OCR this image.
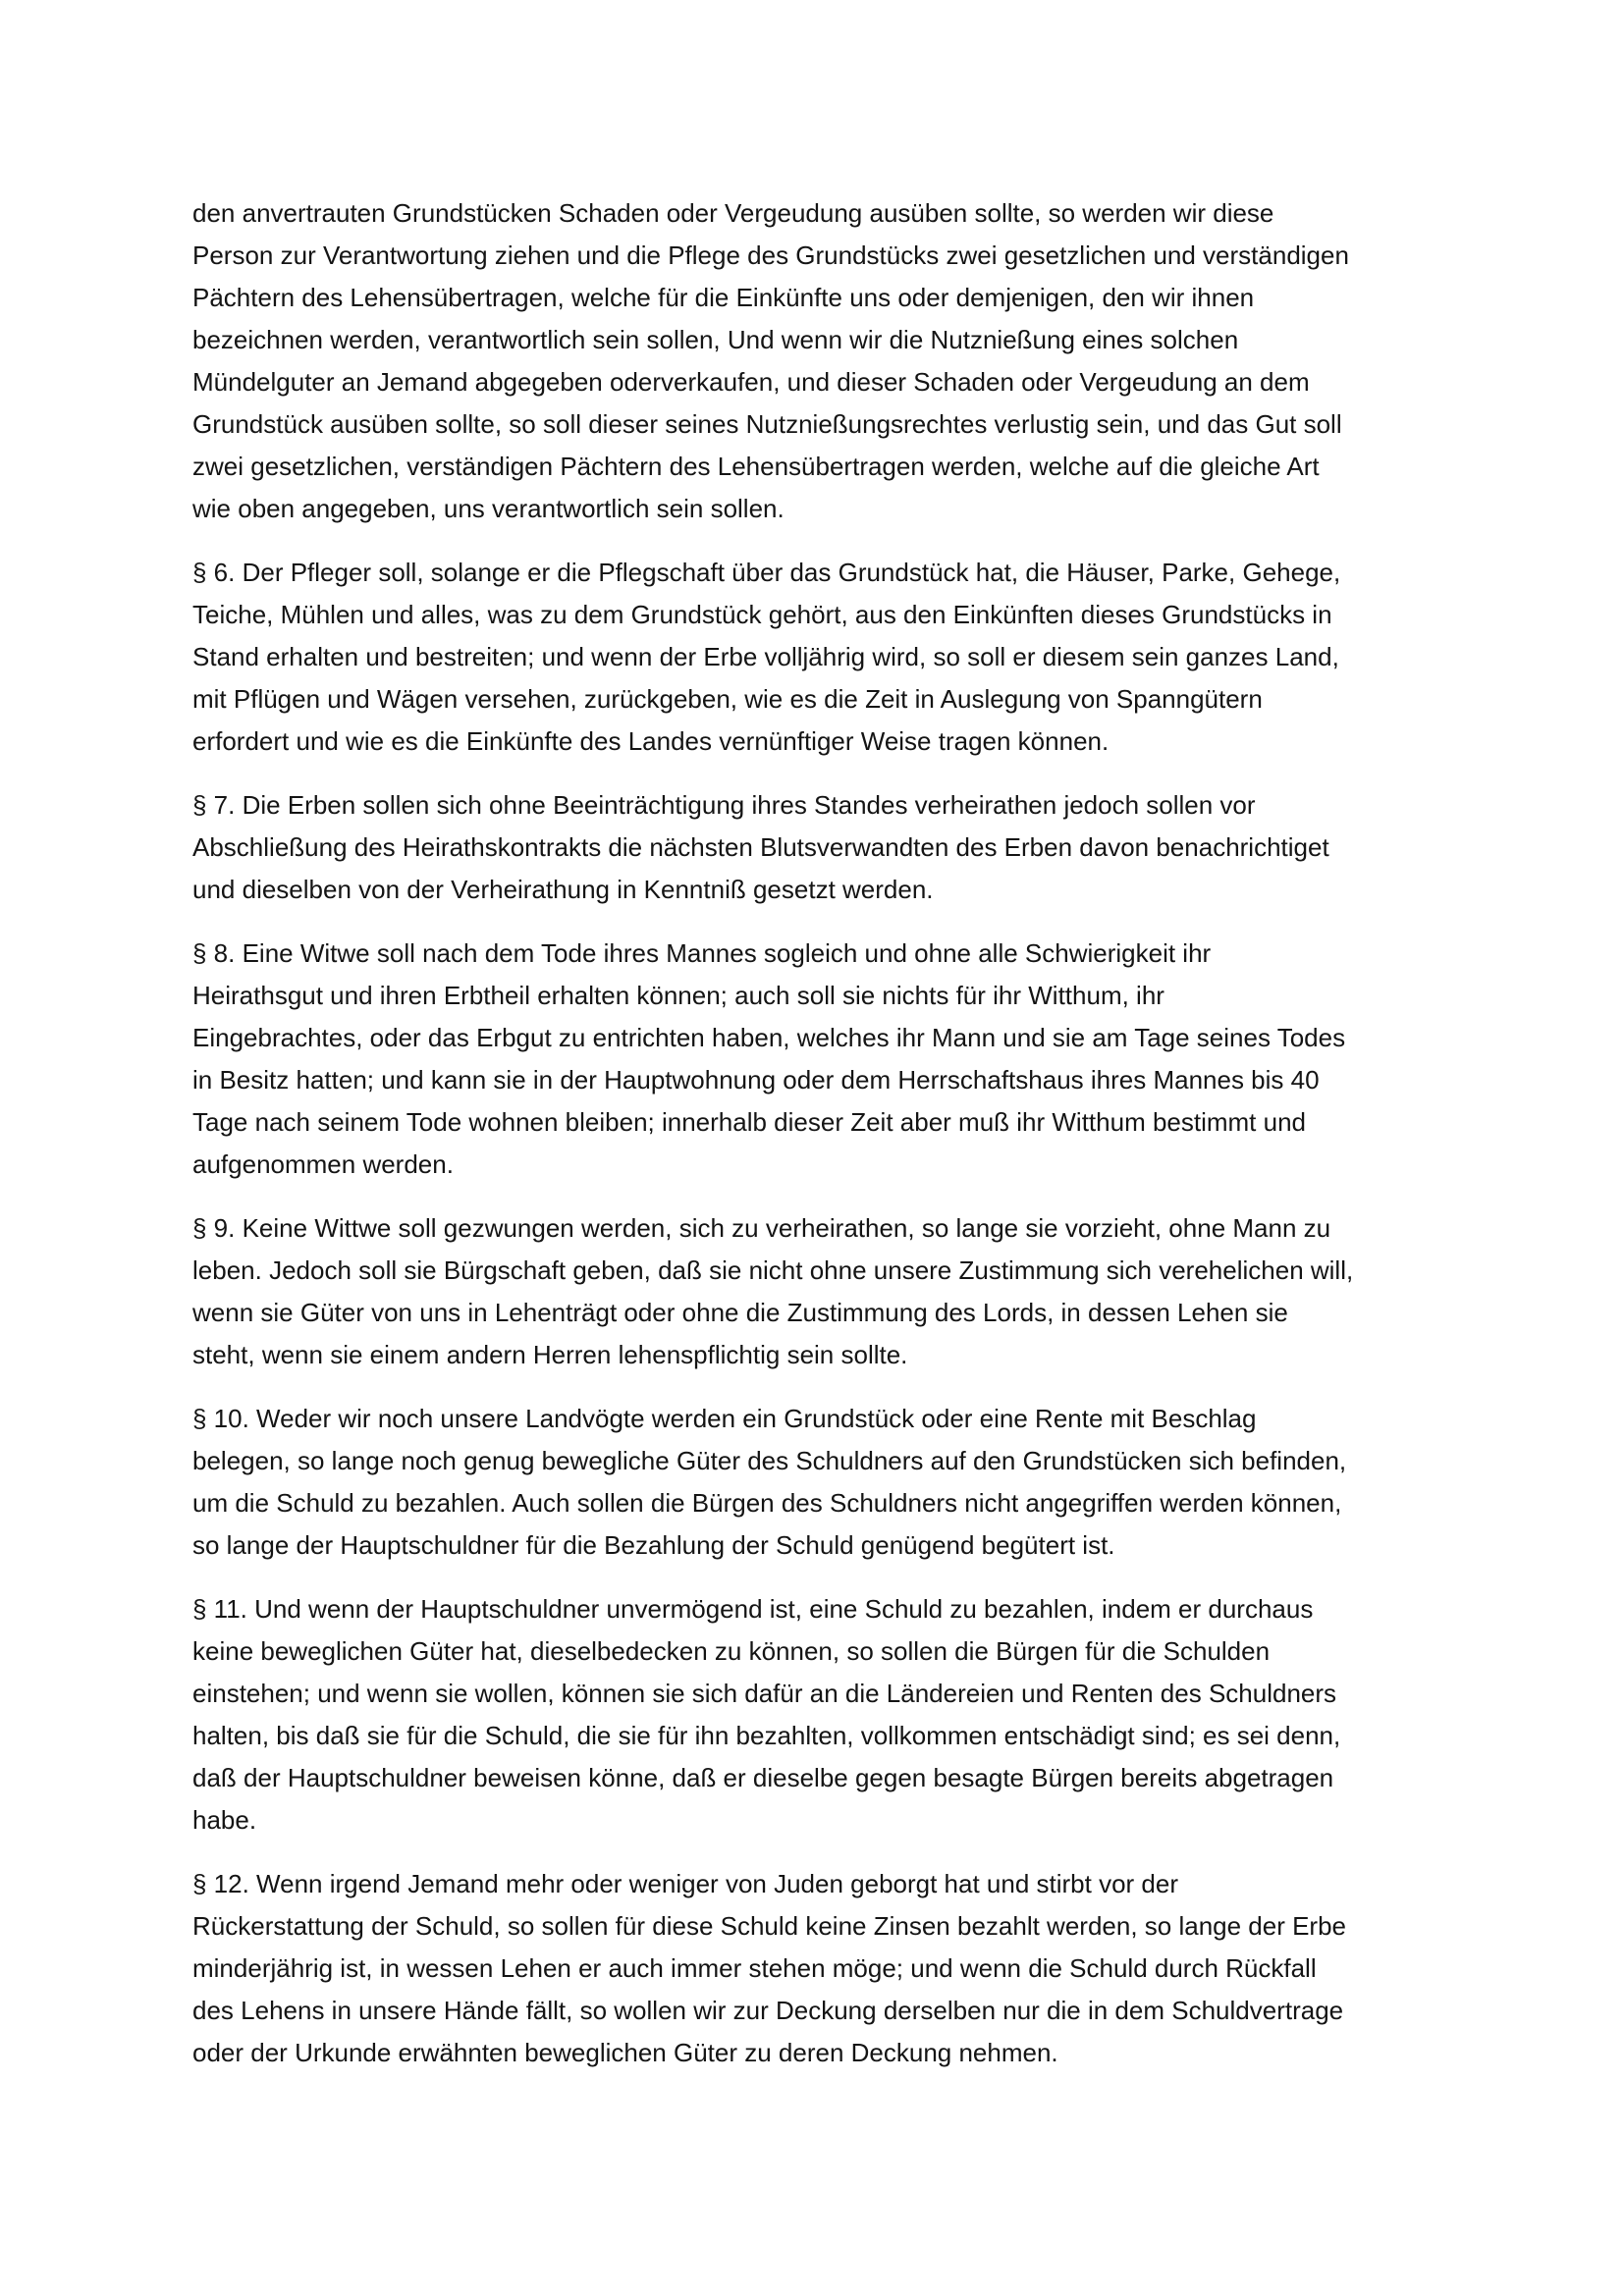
den anvertrauten Grundstücken Schaden oder Vergeudung ausüben sollte, so werden wir diese
Person zur Verantwortung ziehen und die Pflege des Grundstücks zwei gesetzlichen und verständigen
Pächtern des Lehensübertragen, welche für die Einkünfte uns oder demjenigen, den wir ihnen
bezeichnen werden, verantwortlich sein sollen, Und wenn wir die Nutznießung eines solchen
Mündelguter an Jemand abgegeben oderverkaufen, und dieser Schaden oder Vergeudung an dem
Grundstück ausüben sollte, so soll dieser seines Nutznießungsrechtes verlustig sein, und das Gut soll
zwei gesetzlichen, verständigen Pächtern des Lehensübertragen werden, welche auf die gleiche Art
wie oben angegeben, uns verantwortlich sein sollen.
§ 6. Der Pfleger soll, solange er die Pflegschaft über das Grundstück hat, die Häuser, Parke, Gehege,
Teiche, Mühlen und alles, was zu dem Grundstück gehört, aus den Einkünften dieses Grundstücks in
Stand erhalten und bestreiten; und wenn der Erbe volljährig wird, so soll er diesem sein ganzes Land,
mit Pflügen und Wägen versehen, zurückgeben, wie es die Zeit in Auslegung von Spanngütern
erfordert und wie es die Einkünfte des Landes vernünftiger Weise tragen können.
§ 7. Die Erben sollen sich ohne Beeinträchtigung ihres Standes verheirathen jedoch sollen vor
Abschließung des Heirathskontrakts die nächsten Blutsverwandten des Erben davon benachrichtiget
und dieselben von der Verheirathung in Kenntniß gesetzt werden.
§ 8. Eine Witwe soll nach dem Tode ihres Mannes sogleich und ohne alle Schwierigkeit ihr
Heirathsgut und ihren Erbtheil erhalten können; auch soll sie nichts für ihr Witthum, ihr
Eingebrachtes, oder das Erbgut zu entrichten haben, welches ihr Mann und sie am Tage seines Todes
in Besitz hatten; und kann sie in der Hauptwohnung oder dem Herrschaftshaus ihres Mannes bis 40
Tage nach seinem Tode wohnen bleiben; innerhalb dieser Zeit aber muß ihr Witthum bestimmt und
aufgenommen werden.
§ 9. Keine Wittwe soll gezwungen werden, sich zu verheirathen, so lange sie vorzieht, ohne Mann zu
leben. Jedoch soll sie Bürgschaft geben, daß sie nicht ohne unsere Zustimmung sich verehelichen will,
wenn sie Güter von uns in Lehenträgt oder ohne die Zustimmung des Lords, in dessen Lehen sie
steht, wenn sie einem andern Herren lehenspflichtig sein sollte.
§ 10. Weder wir noch unsere Landvögte werden ein Grundstück oder eine Rente mit Beschlag
belegen, so lange noch genug bewegliche Güter des Schuldners auf den Grundstücken sich befinden,
um die Schuld zu bezahlen. Auch sollen die Bürgen des Schuldners nicht angegriffen werden können,
so lange der Hauptschuldner für die Bezahlung der Schuld genügend begütert ist.
§ 11. Und wenn der Hauptschuldner unvermögend ist, eine Schuld zu bezahlen, indem er durchaus
keine beweglichen Güter hat, dieselbedecken zu können, so sollen die Bürgen für die Schulden
einstehen; und wenn sie wollen, können sie sich dafür an die Ländereien und Renten des Schuldners
halten, bis daß sie für die Schuld, die sie für ihn bezahlten, vollkommen entschädigt sind; es sei denn,
daß der Hauptschuldner beweisen könne, daß er dieselbe gegen besagte Bürgen bereits abgetragen
habe.
§ 12. Wenn irgend Jemand mehr oder weniger von Juden geborgt hat und stirbt vor der
Rückerstattung der Schuld, so sollen für diese Schuld keine Zinsen bezahlt werden, so lange der Erbe
minderjährig ist, in wessen Lehen er auch immer stehen möge; und wenn die Schuld durch Rückfall
des Lehens in unsere Hände fällt, so wollen wir zur Deckung derselben nur die in dem Schuldvertrage
oder der Urkunde erwähnten beweglichen Güter zu deren Deckung nehmen.
